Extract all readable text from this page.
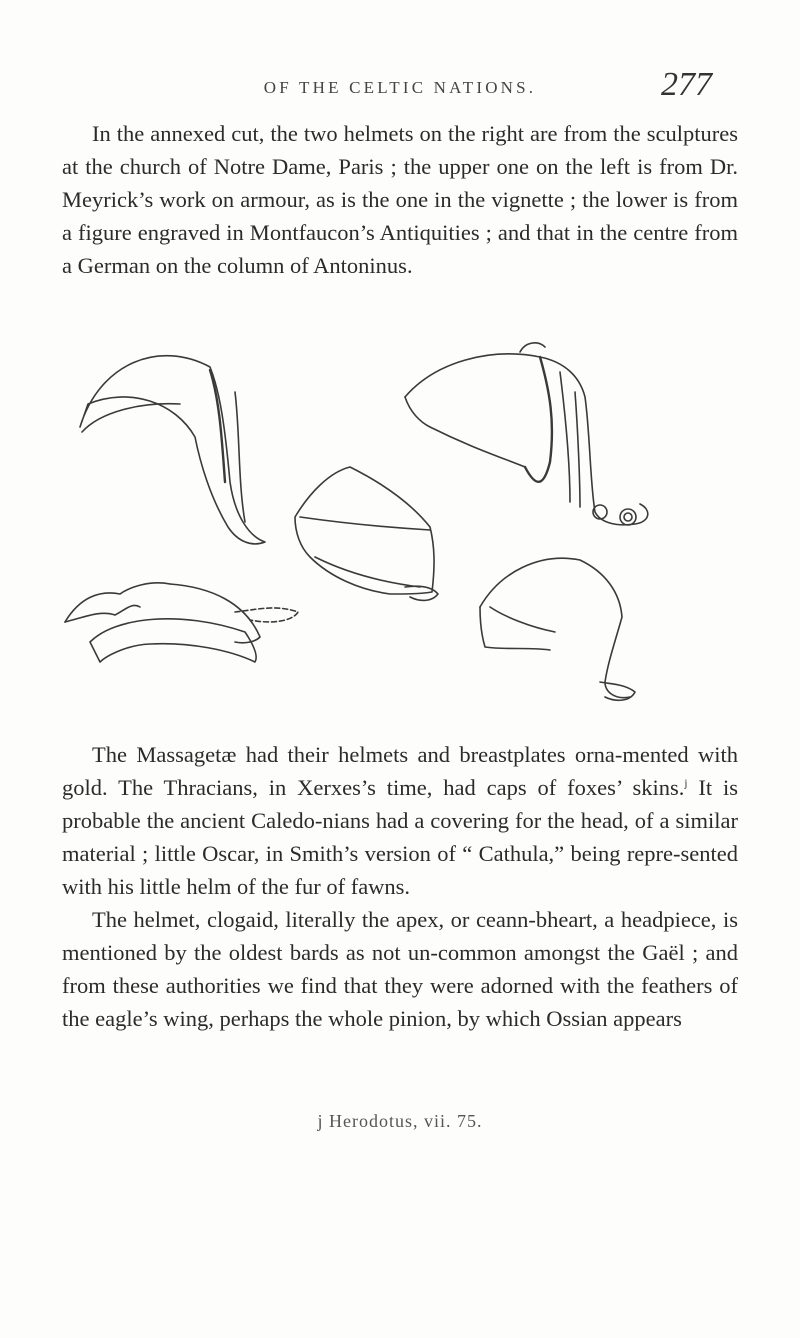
OF THE CELTIC NATIONS.	277

In the annexed cut, the two helmets on the right are from the sculptures at the church of Notre Dame, Paris ; the upper one on the left is from Dr. Meyrick’s work on armour, as is the one in the vignette ; the lower is from a figure engraved in Montfaucon’s Antiquities ; and that in the centre from a German on the column of Antoninus.

The Massagetæ had their helmets and breastplates orna-mented with gold. The Thracians, in Xerxes’s time, had caps of foxes’ skins.$^j$ It is probable the ancient Caledo-nians had a covering for the head, of a similar material ; little Oscar, in Smith’s version of “ Cathula,” being repre-sented with his little helm of the fur of fawns.

The helmet, clogaid, literally the apex, or ceann-bheart, a headpiece, is mentioned by the oldest bards as not un-common amongst the Gaël ; and from these authorities we find that they were adorned with the feathers of the eagle’s wing, perhaps the whole pinion, by which Ossian appears

j Herodotus, vii. 75.
